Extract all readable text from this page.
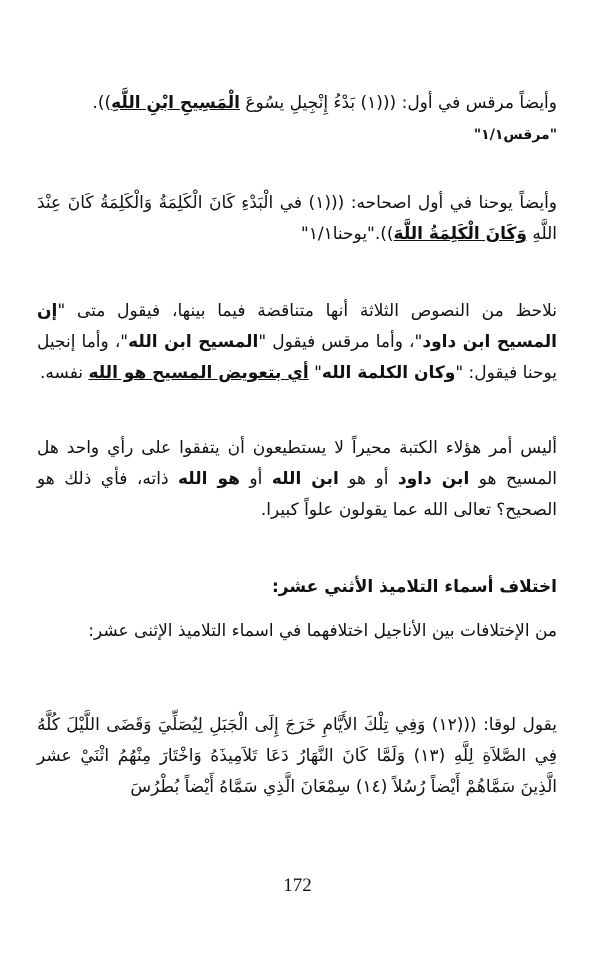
وأيضاً مرقس في أول: (((١) بَدْءُ إِنْجِيلِ يسُوعَ الْمَسِيحِ ابْنِ اللَّهِ)).
"مرقس١/١"

وأيضاً يوحنا في أول اصحاحه: (((١) في الْبَدْءِ كَانَ الْكَلِمَةُ وَالْكَلِمَةُ كَانَ عِنْدَ اللَّهِ وَكَانَ الْكَلِمَةُ اللَّهَ))."يوحنا١/١"

نلاحظ من النصوص الثلاثة أنها متناقضة فيما بينها، فيقول متى "إن المسيح ابن داود"، وأما مرقس فيقول "المسيح ابن الله"، وأما إنجيل يوحنا فيقول: "وكان الكلمة الله" أي بتعويض المسيح هو الله نفسه.

أليس أمر هؤلاء الكتبة محيراً لا يستطيعون أن يتفقوا على رأي واحد هل المسيح هو ابن داود أو هو ابن الله أو هو الله ذاته، فأي ذلك هو الصحيح؟ تعالى الله عما يقولون علواً كبيرا.

اختلاف أسماء التلاميذ الأثني عشر:

من الإختلافات بين الأناجيل اختلافهما في اسماء التلاميذ الإثنى عشر:

يقول لوقا: (((١٢) وَفِي تِلْكَ الأَيَّامِ خَرَجَ إِلَى الْجَبَلِ لِيُصَلِّيَ وَقَضَى اللَّيْلَ كُلَّهُ فِي الصَّلاَةِ لِلَّهِ (١٣) وَلَمَّا كَانَ النَّهَارُ دَعَا تَلاَمِيذَهُ وَاخْتَارَ مِنْهُمُ اثْنَيْ عشر الَّذِينَ سَمَّاهُمْ أَيْضاً رُسُلاً (١٤) سِمْعَانَ الَّذِي سَمَّاهُ أَيْضاً بُطْرُسَ

172
